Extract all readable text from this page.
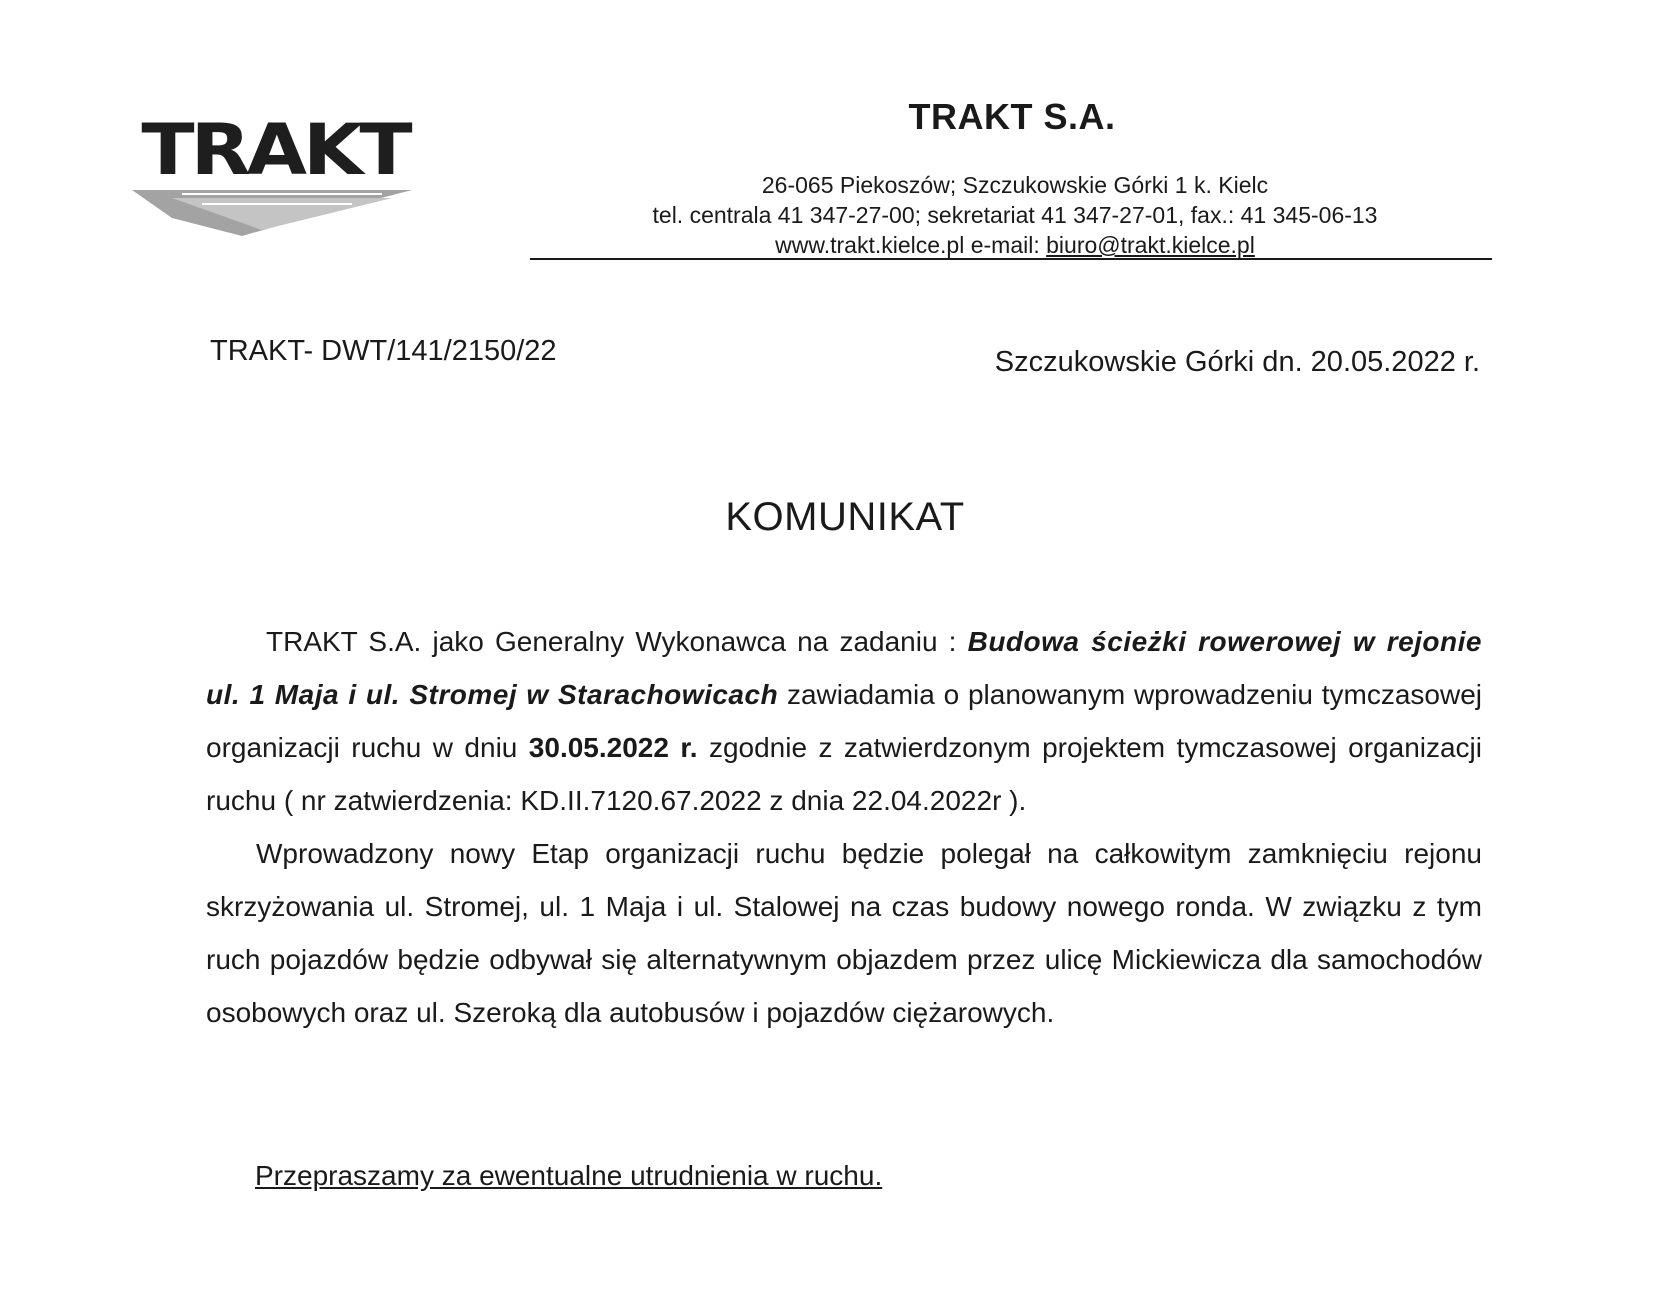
TRAKT	TRAKT S.A.
26-065 Piekoszów; Szczukowskie Górki 1 k. Kielc
tel. centrala 41 347-27-00; sekretariat 41 347-27-01, fax.: 41 345-06-13
www.trakt.kielce.pl e-mail: biuro@trakt.kielce.pl
TRAKT- DWT/141/2150/22	Szczukowskie Górki dn. 20.05.2022 r.
KOMUNIKAT

TRAKT S.A. jako Generalny Wykonawca na zadaniu : Budowa ścieżki rowerowej w rejonie ul. 1 Maja i ul. Stromej w Starachowicach zawiadamia o planowanym wprowadzeniu tymczasowej organizacji ruchu w dniu 30.05.2022 r. zgodnie z zatwierdzonym projektem tymczasowej organizacji ruchu ( nr zatwierdzenia: KD.II.7120.67.2022 z dnia 22.04.2022r ).

Wprowadzony nowy Etap organizacji ruchu będzie polegał na całkowitym zamknięciu rejonu skrzyżowania ul. Stromej, ul. 1 Maja i ul. Stalowej na czas budowy nowego ronda. W związku z tym ruch pojazdów będzie odbywał się alternatywnym objazdem przez ulicę Mickiewicza dla samochodów osobowych oraz ul. Szeroką dla autobusów i pojazdów ciężarowych.

Przepraszamy za ewentualne utrudnienia w ruchu.
